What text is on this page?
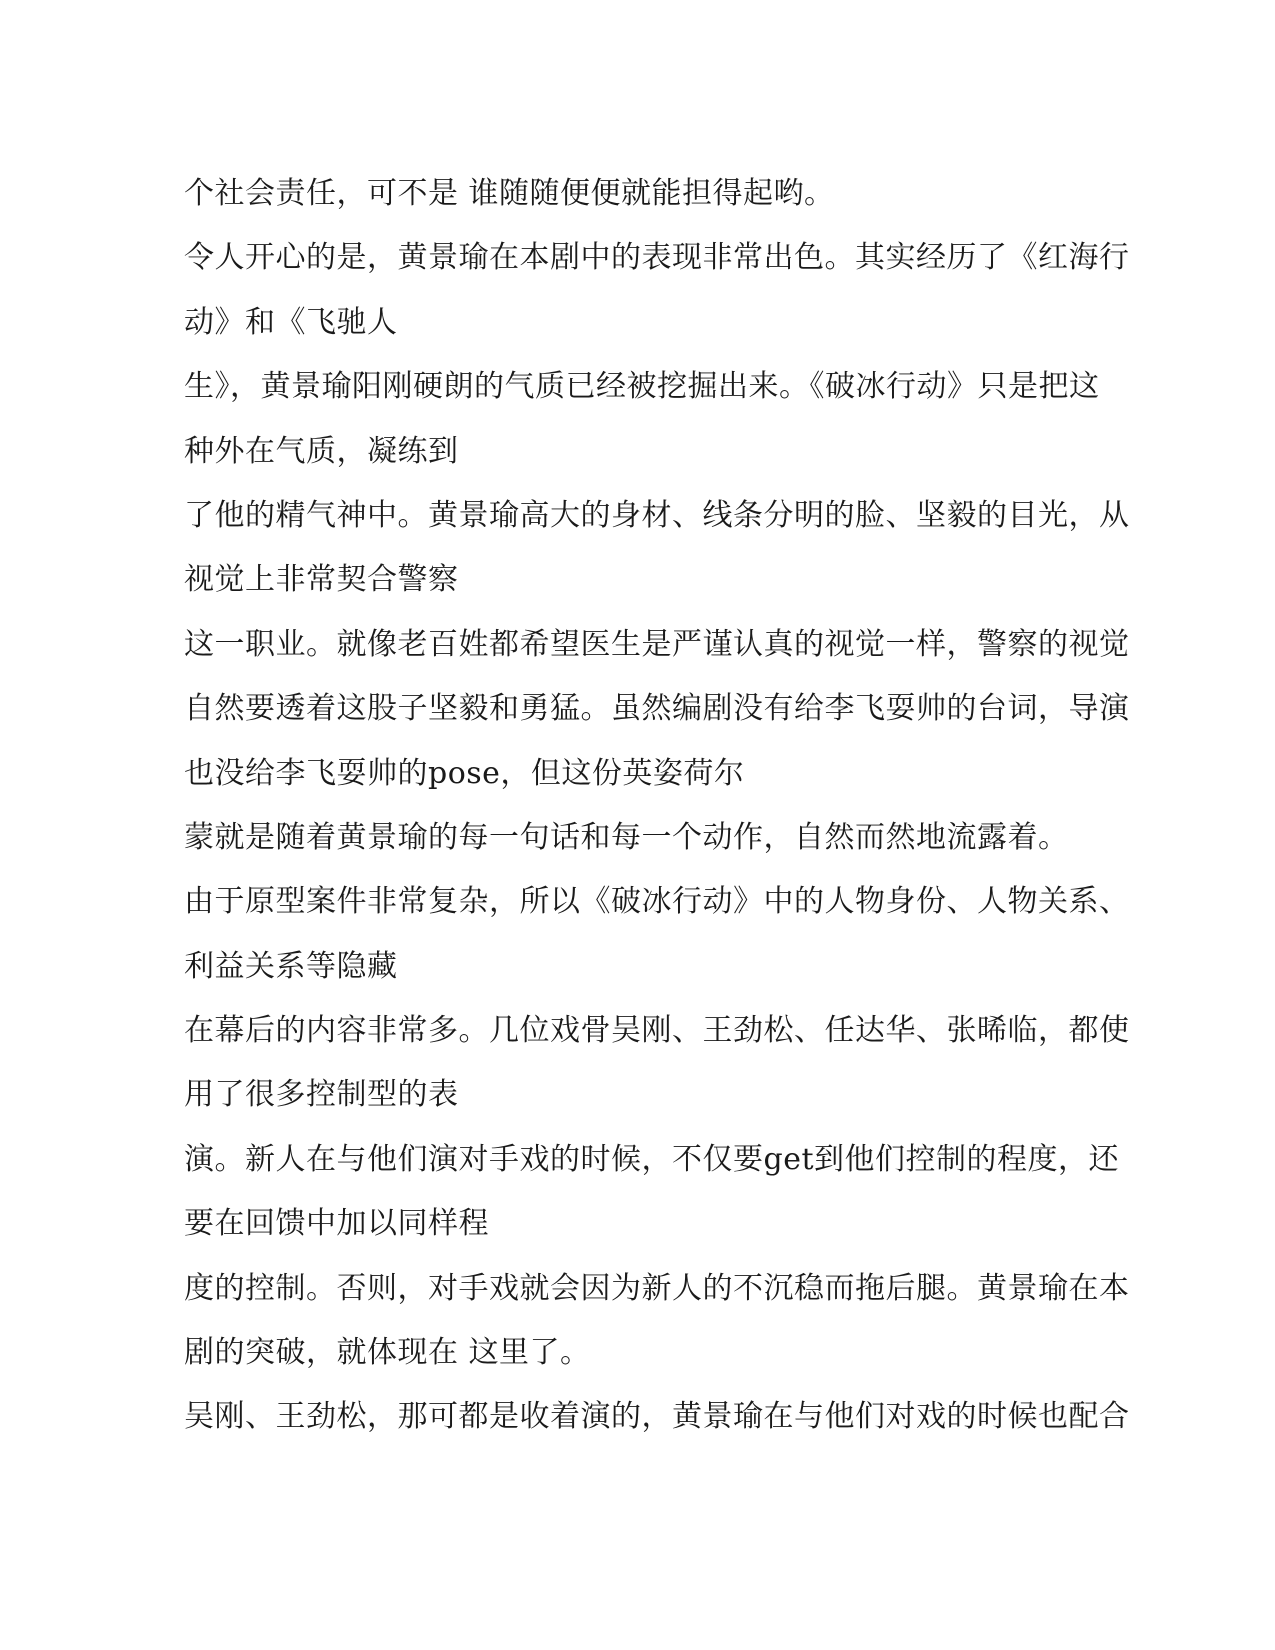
个社会责任，可不是 谁随随便便就能担得起哟。
令人开心的是，黄景瑜在本剧中的表现非常出色。其实经历了《红海行
动》和《飞驰人
生》，黄景瑜阳刚硬朗的气质已经被挖掘出来。《破冰行动》只是把这
种外在气质，凝练到
了他的精气神中。黄景瑜高大的身材、线条分明的脸、坚毅的目光，从
视觉上非常契合警察
这一职业。就像老百姓都希望医生是严谨认真的视觉一样，警察的视觉
自然要透着这股子坚毅和勇猛。虽然编剧没有给李飞耍帅的台词，导演
也没给李飞耍帅的pose，但这份英姿荷尔
蒙就是随着黄景瑜的每一句话和每一个动作，自然而然地流露着。
由于原型案件非常复杂，所以《破冰行动》中的人物身份、人物关系、
利益关系等隐藏
在幕后的内容非常多。几位戏骨吴刚、王劲松、任达华、张晞临，都使
用了很多控制型的表
演。新人在与他们演对手戏的时候，不仅要get到他们控制的程度，还
要在回馈中加以同样程
度的控制。否则，对手戏就会因为新人的不沉稳而拖后腿。黄景瑜在本
剧的突破，就体现在 这里了。
吴刚、王劲松，那可都是收着演的，黄景瑜在与他们对戏的时候也配合
